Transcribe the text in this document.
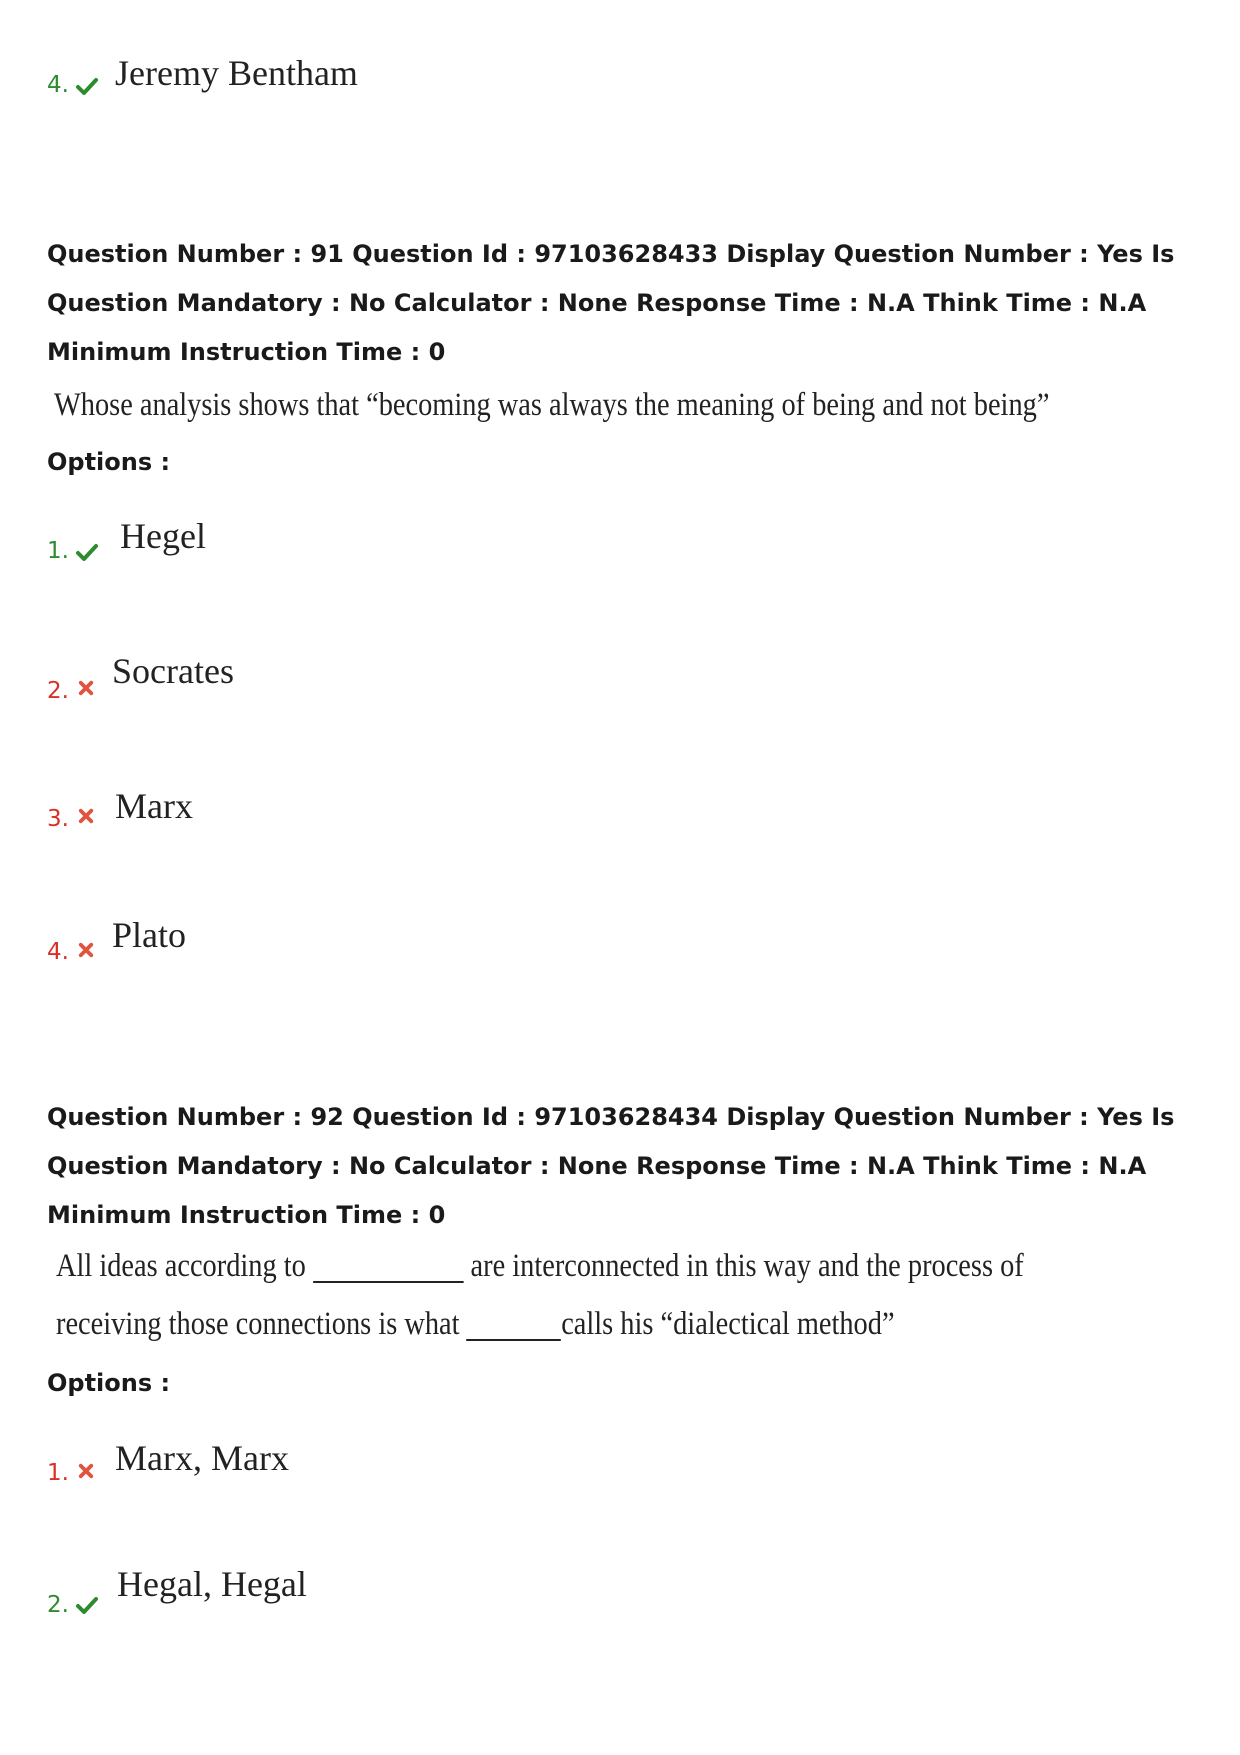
4. Jeremy Bentham
Question Number : 91 Question Id : 97103628433 Display Question Number : Yes Is Question Mandatory : No Calculator : None Response Time : N.A Think Time : N.A Minimum Instruction Time : 0
Whose analysis shows that “becoming was always the meaning of being and not being”
Options :
1. Hegel
2. Socrates
3. Marx
4. Plato
Question Number : 92 Question Id : 97103628434 Display Question Number : Yes Is Question Mandatory : No Calculator : None Response Time : N.A Think Time : N.A Minimum Instruction Time : 0
All ideas according to	are interconnected in this way and the process of
receiving those connections is what	calls his “dialectical method”
Options :
1. Marx, Marx
2.
Hegal, Hegal
